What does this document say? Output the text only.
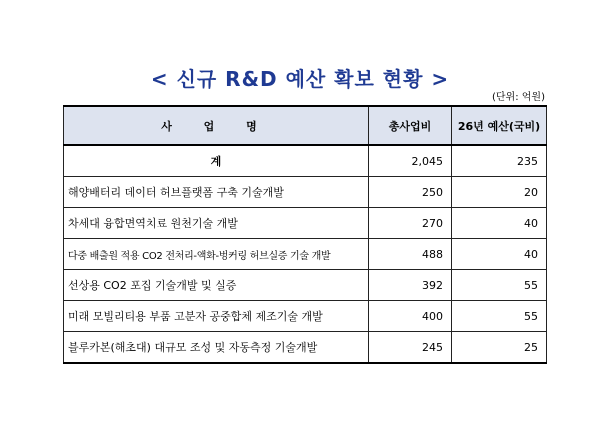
< 신규 R&D 예산 확보 현황 >
(단위: 억원)
사 업 명	총사업비	26년 예산(국비)
계	2,045	235
해양배터리 데이터 허브플랫폼 구축 기술개발	250	20
차세대 융합면역치료 원천기술 개발	270	40
다중 배출원 적용 CO2 전처리-액화-벙커링 허브실증 기술 개발	488	40
선상용 CO2 포집 기술개발 및 실증	392	55
미래 모빌리티용 부품 고분자 공중합체 제조기술 개발	400	55
블루카본(해초대) 대규모 조성 및 자동측정 기술개발	245	25
